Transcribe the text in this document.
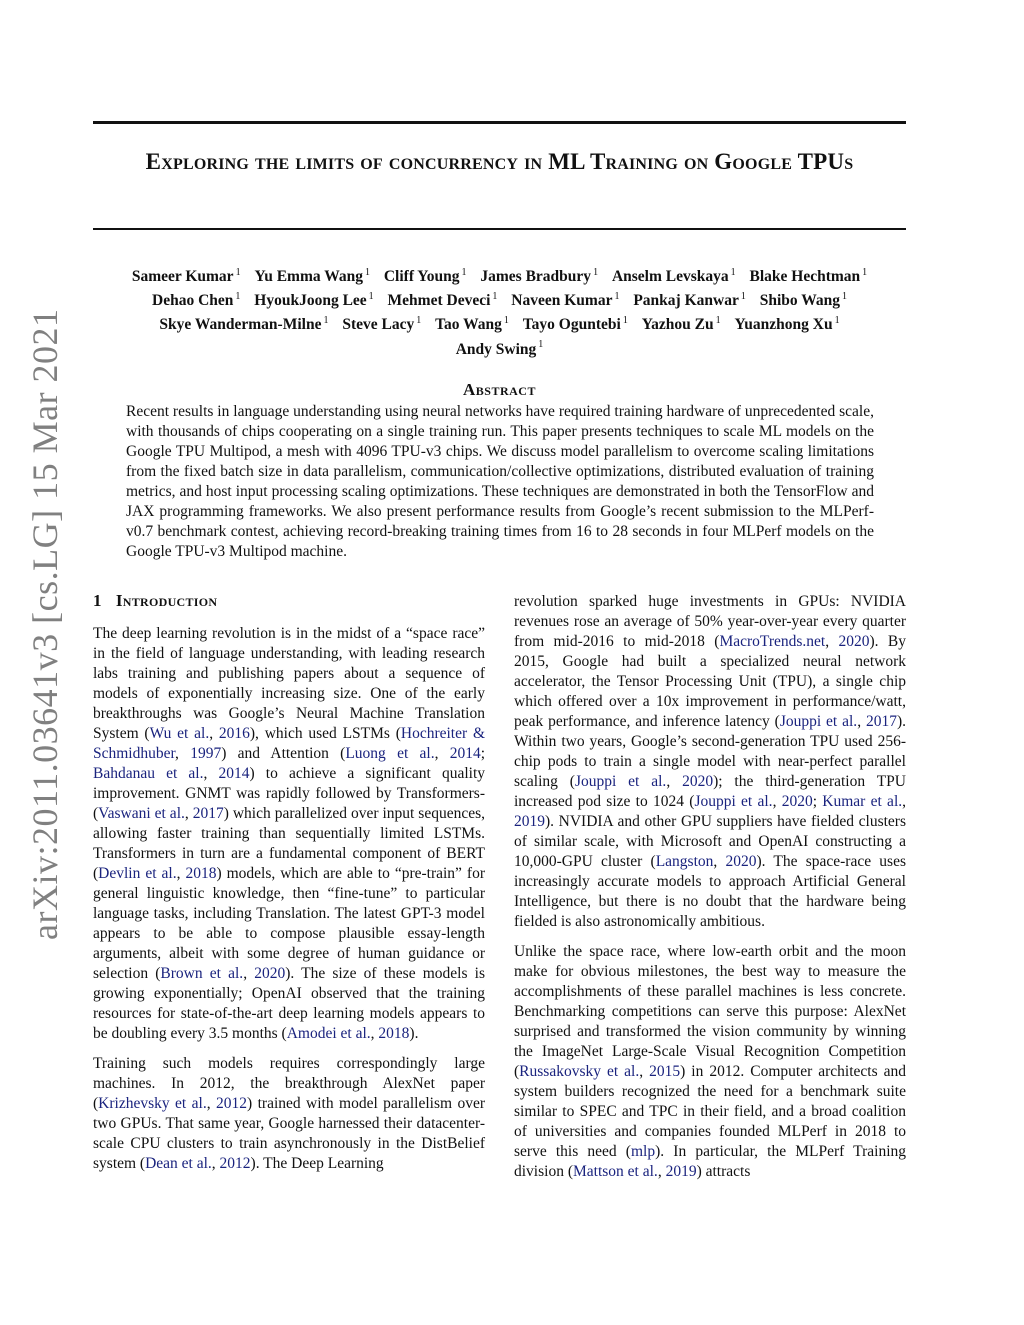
Exploring the limits of concurrency in ML Training on Google TPUs
Sameer Kumar $^1$ Yu Emma Wang $^1$ Cliff Young $^1$ James Bradbury $^1$ Anselm Levskaya $^1$ Blake Hechtman $^1$
Dehao Chen $^1$ HyoukJoong Lee $^1$ Mehmet Deveci $^1$ Naveen Kumar $^1$ Pankaj Kanwar $^1$ Shibo Wang $^1$
Skye Wanderman-Milne $^1$ Steve Lacy $^1$ Tao Wang $^1$ Tayo Oguntebi $^1$ Yazhou Zu $^1$ Yuanzhong Xu $^1$
Andy Swing $^1$
arXiv:2011.03641v3 [cs.LG] 15 Mar 2021	Abstract
Recent results in language understanding using neural networks have required training hardware of unprecedented scale, with thousands of chips cooperating on a single training run. This paper presents techniques to scale ML models on the Google TPU Multipod, a mesh with 4096 TPU-v3 chips. We discuss model parallelism to overcome scaling limitations from the fixed batch size in data parallelism, communication/collective optimizations, distributed evaluation of training metrics, and host input processing scaling optimizations. These techniques are demonstrated in both the TensorFlow and JAX programming frameworks. We also present performance results from Google’s recent submission to the MLPerf-v0.7 benchmark contest, achieving record-breaking training times from 16 to 28 seconds in four MLPerf models on the Google TPU-v3 Multipod machine.
1 Introduction

The deep learning revolution is in the midst of a “space race” in the field of language understanding, with leading research labs training and publishing papers about a sequence of models of exponentially increasing size. One of the early breakthroughs was Google’s Neural Machine Translation System (Wu et al., 2016), which used LSTMs (Hochreiter & Schmidhuber, 1997) and Attention (Luong et al., 2014; Bahdanau et al., 2014) to achieve a significant quality improvement. GNMT was rapidly followed by Transformers- (Vaswani et al., 2017) which parallelized over input sequences, allowing faster training than sequentially limited LSTMs. Transformers in turn are a fundamental component of BERT (Devlin et al., 2018) models, which are able to “pre-train” for general linguistic knowledge, then “fine-tune” to particular language tasks, including Translation. The latest GPT-3 model appears to be able to compose plausible essay-length arguments, albeit with some degree of human guidance or selection (Brown et al., 2020). The size of these models is growing exponentially; OpenAI observed that the training resources for state-of-the-art deep learning models appears to be doubling every 3.5 months (Amodei et al., 2018).

Training such models requires correspondingly large machines. In 2012, the breakthrough AlexNet paper (Krizhevsky et al., 2012) trained with model parallelism over two GPUs. That same year, Google harnessed their datacenter-scale CPU clusters to train asynchronously in the DistBelief system (Dean et al., 2012). The Deep Learning

revolution sparked huge investments in GPUs: NVIDIA revenues rose an average of 50% year-over-year every quarter from mid-2016 to mid-2018 (MacroTrends.net, 2020). By 2015, Google had built a specialized neural network accelerator, the Tensor Processing Unit (TPU), a single chip which offered over a 10x improvement in performance/watt, peak performance, and inference latency (Jouppi et al., 2017). Within two years, Google’s second-generation TPU used 256-chip pods to train a single model with near-perfect parallel scaling (Jouppi et al., 2020); the third-generation TPU increased pod size to 1024 (Jouppi et al., 2020; Kumar et al., 2019). NVIDIA and other GPU suppliers have fielded clusters of similar scale, with Microsoft and OpenAI constructing a 10,000-GPU cluster (Langston, 2020). The space-race uses increasingly accurate models to approach Artificial General Intelligence, but there is no doubt that the hardware being fielded is also astronomically ambitious.

Unlike the space race, where low-earth orbit and the moon make for obvious milestones, the best way to measure the accomplishments of these parallel machines is less concrete. Benchmarking competitions can serve this purpose: AlexNet surprised and transformed the vision community by winning the ImageNet Large-Scale Visual Recognition Competition (Russakovsky et al., 2015) in 2012. Computer architects and system builders recognized the need for a benchmark suite similar to SPEC and TPC in their field, and a broad coalition of universities and companies founded MLPerf in 2018 to serve this need (mlp). In particular, the MLPerf Training division (Mattson et al., 2019) attracts
